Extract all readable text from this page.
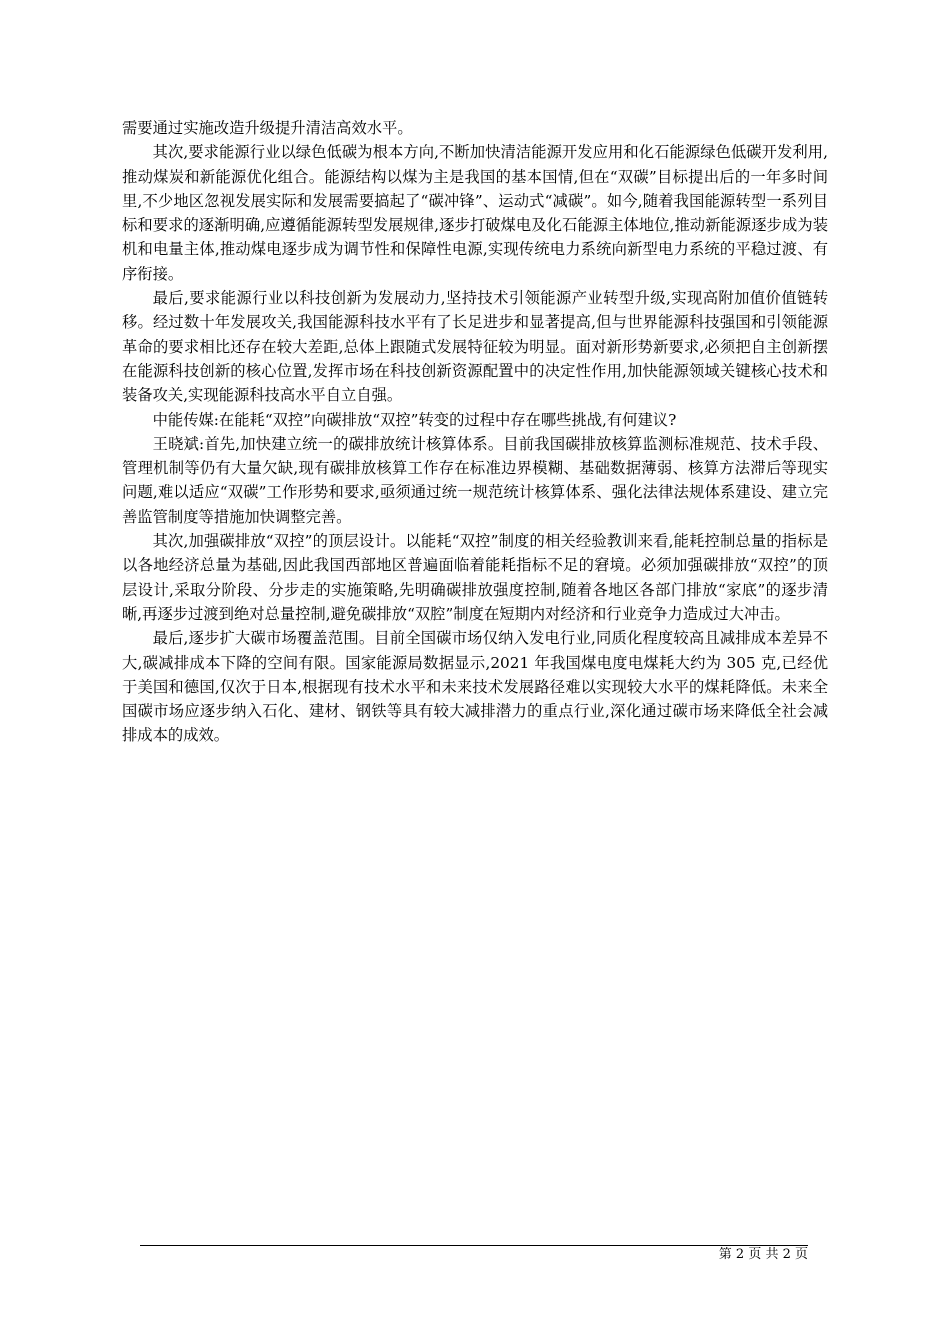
需要通过实施改造升级提升清洁高效水平。

其次,要求能源行业以绿色低碳为根本方向,不断加快清洁能源开发应用和化石能源绿色低碳开发利用,推动煤炭和新能源优化组合。能源结构以煤为主是我国的基本国情,但在“双碳”目标提出后的一年多时间里,不少地区忽视发展实际和发展需要搞起了“碳冲锋”、运动式“减碳”。如今,随着我国能源转型一系列目标和要求的逐渐明确,应遵循能源转型发展规律,逐步打破煤电及化石能源主体地位,推动新能源逐步成为装机和电量主体,推动煤电逐步成为调节性和保障性电源,实现传统电力系统向新型电力系统的平稳过渡、有序衔接。

最后,要求能源行业以科技创新为发展动力,坚持技术引领能源产业转型升级,实现高附加值价值链转移。经过数十年发展攻关,我国能源科技水平有了长足进步和显著提高,但与世界能源科技强国和引领能源革命的要求相比还存在较大差距,总体上跟随式发展特征较为明显。面对新形势新要求,必须把自主创新摆在能源科技创新的核心位置,发挥市场在科技创新资源配置中的决定性作用,加快能源领域关键核心技术和装备攻关,实现能源科技高水平自立自强。

中能传媒:在能耗“双控”向碳排放“双控”转变的过程中存在哪些挑战,有何建议?

王晓斌:首先,加快建立统一的碳排放统计核算体系。目前我国碳排放核算监测标准规范、技术手段、管理机制等仍有大量欠缺,现有碳排放核算工作存在标准边界模糊、基础数据薄弱、核算方法滞后等现实问题,难以适应“双碳”工作形势和要求,亟须通过统一规范统计核算体系、强化法律法规体系建设、建立完善监管制度等措施加快调整完善。

其次,加强碳排放“双控”的顶层设计。以能耗“双控”制度的相关经验教训来看,能耗控制总量的指标是以各地经济总量为基础,因此我国西部地区普遍面临着能耗指标不足的窘境。必须加强碳排放“双控”的顶层设计,采取分阶段、分步走的实施策略,先明确碳排放强度控制,随着各地区各部门排放“家底”的逐步清晰,再逐步过渡到绝对总量控制,避免碳排放“双腔”制度在短期内对经济和行业竞争力造成过大冲击。

最后,逐步扩大碳市场覆盖范围。目前全国碳市场仅纳入发电行业,同质化程度较高且减排成本差异不大,碳减排成本下降的空间有限。国家能源局数据显示,2021 年我国煤电度电煤耗大约为 305 克,已经优于美国和德国,仅次于日本,根据现有技术水平和未来技术发展路径难以实现较大水平的煤耗降低。未来全国碳市场应逐步纳入石化、建材、钢铁等具有较大减排潜力的重点行业,深化通过碳市场来降低全社会减排成本的成效。

第 2 页 共 2 页
